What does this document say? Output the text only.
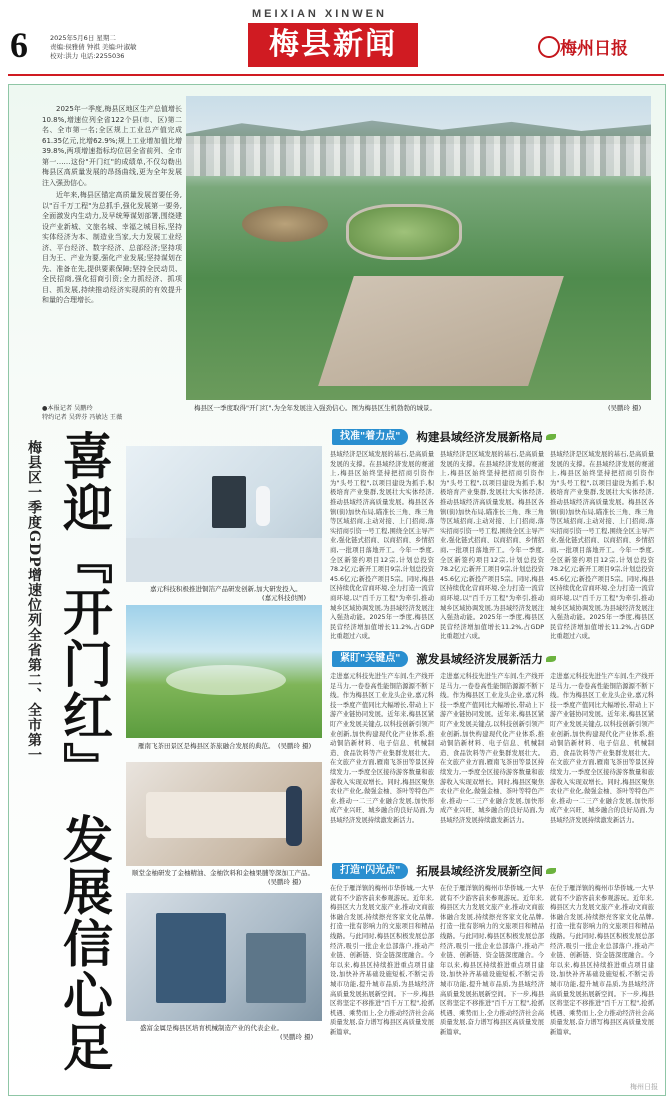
6	2025年5月6日 星期二
责编:侯雅倩 钟祺 美编:叶淑敏
校对:洪力 电话:2255036
MEIXIAN XINWEN
梅县新闻	梅州日报

2025年一季度,梅县区地区生产总值增长10.8%,增速位列全省122个县(市、区)第二名、全市第一名;全区规上工业总产值完成61.35亿元,比增62.9%;规上工业增加值比增39.8%,两项增速指标均位居全省前列、全市第一……这份"开门红"的成绩单,不仅勾勒出梅县区高质量发展的昂扬曲线,更为全年发展注入强劲信心。

近年来,梅县区锚定高质量发展首要任务,以"百千万工程"为总抓手,强化发展第一要务,全面激发内生动力,及早统筹谋划部署,围绕建设产业新城、文旅名城、幸福之城目标,坚持实体经济为本、制造业当家,大力发展工业经济、平台经济、数字经济、总部经济;坚持项目为王、产业为要,强化产业发展;坚持谋划在先、准备在先,提供要素保障;坚持全民动员、全民招商,强化招商引资;全力抓经济、抓项目、抓发展,持续推动经济实现质的有效提升和量的合理增长。

●本报记者 吴鹏玲
特约记者 吴碧芬 冯敏达 王薇
梅县区一季度取得"开门红",为全年发展注入强劲信心。图为梅县区生机勃勃的城景。	(吴鹏玲 摄)
梅县区一季度GDP增速位列全省第二、全市第一 喜迎『开门红』 发展信心足	嘉元科技积极推进铜箔产品研发创新,加大研发投入。
(嘉元科技供图)
雁南飞茶田景区是梅县区茶旅融合发展的典范。 (吴鹏玲 摄)
顺堂金柚研发了金柚精油、金柚饮料和金柚果脯等深加工产品。
(吴鹏玲 摄)
盛富金属是梅县区培育机械制造产业的代表企业。
(吴鹏玲 摄)
找准"着力点"	构建县域经济发展新格局
县域经济是区域发展的基石,是高质量发展的支撑。在县域经济发展的赛道上,梅县区始终坚持把招商引资作为"头号工程",以项目建设为抓手,积极培育产业集群,发展壮大实体经济,推动县域经济高质量发展。梅县区各镇(街)加快布局,瞄准长三角、珠三角等区域招商,主动对接、上门招商,落实招商引资一号工程,围绕全区主导产业,强化链式招商、以商招商、乡情招商,一批项目落地开工。今年一季度,全区新签约项目12宗,计划总投资78.2亿元;新开工项目9宗,计划总投资45.6亿元;新投产项目5宗。同时,梅县区持续优化营商环境,全力打造一流营商环境,以"百千万工程"为牵引,推动城乡区域协调发展,为县域经济发展注入强劲动能。2025年一季度,梅县区民营经济增加值增长11.2%,占GDP比重超过六成。
县域经济是区域发展的基石,是高质量发展的支撑。在县域经济发展的赛道上,梅县区始终坚持把招商引资作为"头号工程",以项目建设为抓手,积极培育产业集群,发展壮大实体经济,推动县域经济高质量发展。梅县区各镇(街)加快布局,瞄准长三角、珠三角等区域招商,主动对接、上门招商,落实招商引资一号工程,围绕全区主导产业,强化链式招商、以商招商、乡情招商,一批项目落地开工。今年一季度,全区新签约项目12宗,计划总投资78.2亿元;新开工项目9宗,计划总投资45.6亿元;新投产项目5宗。同时,梅县区持续优化营商环境,全力打造一流营商环境,以"百千万工程"为牵引,推动城乡区域协调发展,为县域经济发展注入强劲动能。2025年一季度,梅县区民营经济增加值增长11.2%,占GDP比重超过六成。
县域经济是区域发展的基石,是高质量发展的支撑。在县域经济发展的赛道上,梅县区始终坚持把招商引资作为"头号工程",以项目建设为抓手,积极培育产业集群,发展壮大实体经济,推动县域经济高质量发展。梅县区各镇(街)加快布局,瞄准长三角、珠三角等区域招商,主动对接、上门招商,落实招商引资一号工程,围绕全区主导产业,强化链式招商、以商招商、乡情招商,一批项目落地开工。今年一季度,全区新签约项目12宗,计划总投资78.2亿元;新开工项目9宗,计划总投资45.6亿元;新投产项目5宗。同时,梅县区持续优化营商环境,全力打造一流营商环境,以"百千万工程"为牵引,推动城乡区域协调发展,为县域经济发展注入强劲动能。2025年一季度,梅县区民营经济增加值增长11.2%,占GDP比重超过六成。
紧盯"关键点"	激发县域经济发展新活力
走进嘉元科技先进生产车间,生产线开足马力,一卷卷高性能铜箔源源不断下线。作为梅县区工业龙头企业,嘉元科技一季度产值同比大幅增长,带动上下游产业链协同发展。近年来,梅县区紧盯产业发展关键点,以科技创新引领产业创新,加快构建现代化产业体系,推动铜箔新材料、电子信息、机械制造、食品饮料等产业集群发展壮大。在文旅产业方面,雁南飞茶田等景区持续发力,一季度全区接待游客数量和旅游收入实现双增长。同时,梅县区聚焦农业产业化,做强金柚、茶叶等特色产业,推动一二三产业融合发展,加快形成产业兴旺、城乡融合的良好局面,为县域经济发展持续激发新活力。
走进嘉元科技先进生产车间,生产线开足马力,一卷卷高性能铜箔源源不断下线。作为梅县区工业龙头企业,嘉元科技一季度产值同比大幅增长,带动上下游产业链协同发展。近年来,梅县区紧盯产业发展关键点,以科技创新引领产业创新,加快构建现代化产业体系,推动铜箔新材料、电子信息、机械制造、食品饮料等产业集群发展壮大。在文旅产业方面,雁南飞茶田等景区持续发力,一季度全区接待游客数量和旅游收入实现双增长。同时,梅县区聚焦农业产业化,做强金柚、茶叶等特色产业,推动一二三产业融合发展,加快形成产业兴旺、城乡融合的良好局面,为县域经济发展持续激发新活力。
走进嘉元科技先进生产车间,生产线开足马力,一卷卷高性能铜箔源源不断下线。作为梅县区工业龙头企业,嘉元科技一季度产值同比大幅增长,带动上下游产业链协同发展。近年来,梅县区紧盯产业发展关键点,以科技创新引领产业创新,加快构建现代化产业体系,推动铜箔新材料、电子信息、机械制造、食品饮料等产业集群发展壮大。在文旅产业方面,雁南飞茶田等景区持续发力,一季度全区接待游客数量和旅游收入实现双增长。同时,梅县区聚焦农业产业化,做强金柚、茶叶等特色产业,推动一二三产业融合发展,加快形成产业兴旺、城乡融合的良好局面,为县域经济发展持续激发新活力。
打造"闪光点"	拓展县域经济发展新空间
在位于雁洋镇的梅州市华侨城,一大早就有不少游客前来参观游玩。近年来,梅县区大力发展文旅产业,推动文商旅体融合发展,持续擦亮客家文化品牌,打造一批有影响力的文旅项目和精品线路。与此同时,梅县区积极发展总部经济,吸引一批企业总部落户,推动产业链、创新链、资金链深度融合。今年以来,梅县区持续推进重点项目建设,加快补齐基础设施短板,不断完善城市功能,提升城市品质,为县域经济高质量发展拓展新空间。下一步,梅县区将坚定不移推进"百千万工程",抢抓机遇、乘势而上,全力推动经济社会高质量发展,奋力谱写梅县区高质量发展新篇章。
在位于雁洋镇的梅州市华侨城,一大早就有不少游客前来参观游玩。近年来,梅县区大力发展文旅产业,推动文商旅体融合发展,持续擦亮客家文化品牌,打造一批有影响力的文旅项目和精品线路。与此同时,梅县区积极发展总部经济,吸引一批企业总部落户,推动产业链、创新链、资金链深度融合。今年以来,梅县区持续推进重点项目建设,加快补齐基础设施短板,不断完善城市功能,提升城市品质,为县域经济高质量发展拓展新空间。下一步,梅县区将坚定不移推进"百千万工程",抢抓机遇、乘势而上,全力推动经济社会高质量发展,奋力谱写梅县区高质量发展新篇章。
在位于雁洋镇的梅州市华侨城,一大早就有不少游客前来参观游玩。近年来,梅县区大力发展文旅产业,推动文商旅体融合发展,持续擦亮客家文化品牌,打造一批有影响力的文旅项目和精品线路。与此同时,梅县区积极发展总部经济,吸引一批企业总部落户,推动产业链、创新链、资金链深度融合。今年以来,梅县区持续推进重点项目建设,加快补齐基础设施短板,不断完善城市功能,提升城市品质,为县域经济高质量发展拓展新空间。下一步,梅县区将坚定不移推进"百千万工程",抢抓机遇、乘势而上,全力推动经济社会高质量发展,奋力谱写梅县区高质量发展新篇章。
梅州日报
